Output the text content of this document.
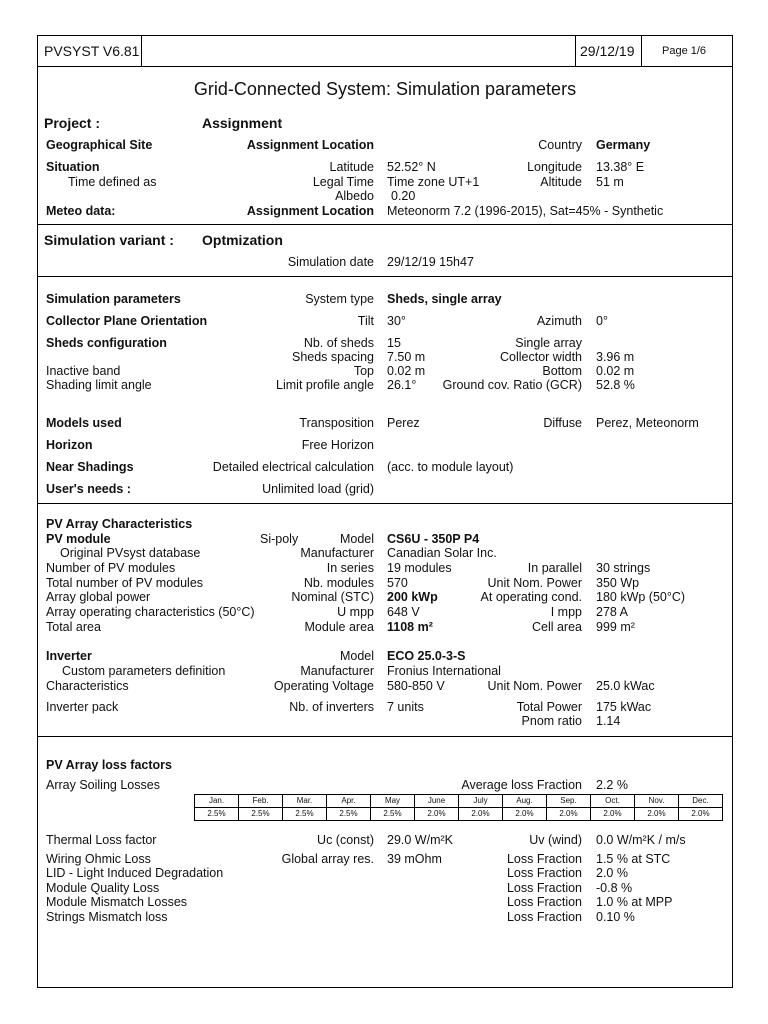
PVSYST V6.81	29/12/19	Page 1/6
Grid-Connected System: Simulation parameters
Project :	Assignment
Geographical Site	Assignment Location	Country Germany
Situation	Latitude 52.52° N	Longitude 13.38° E
Time defined as	Legal Time Time zone UT+1	Altitude 51 m
Albedo 0.20
Meteo data:	Assignment Location Meteonorm 7.2 (1996-2015), Sat=45% - Synthetic
Simulation variant : Optmization
Simulation date 29/12/19 15h47
Simulation parameters	System type Sheds, single array
Collector Plane Orientation	Tilt 30°	Azimuth 0°
Sheds configuration	Nb. of sheds 15	Single array
Sheds spacing 7.50 m	Collector width 3.96 m
Inactive band	Top 0.02 m	Bottom 0.02 m
Shading limit angle	Limit profile angle 26.1°	Ground cov. Ratio (GCR) 52.8 %
Models used	Transposition Perez	Diffuse Perez, Meteonorm
Horizon	Free Horizon
Near Shadings	Detailed electrical calculation (acc. to module layout)
User's needs :	Unlimited load (grid)
PV Array Characteristics
PV module	Si-poly	Model CS6U - 350P P4
Original PVsyst database	Manufacturer Canadian Solar Inc.
Number of PV modules	In series 19 modules	In parallel 30 strings
Total number of PV modules	Nb. modules 570	Unit Nom. Power 350 Wp
Array global power	Nominal (STC) 200 kWp	At operating cond. 180 kWp (50°C)
Array operating characteristics (50°C)	U mpp 648 V	I mpp 278 A
Total area	Module area 1108 m²	Cell area 999 m²
Inverter	Model ECO 25.0-3-S
Custom parameters definition	Manufacturer Fronius International
Characteristics	Operating Voltage 580-850 V	Unit Nom. Power 25.0 kWac
Inverter pack	Nb. of inverters 7 units	Total Power 175 kWac
Pnom ratio 1.14
PV Array loss factors
Array Soiling Losses	Average loss Fraction 2.2 %
Jan.	Feb.	Mar.	Apr.	May	June	July	Aug.	Sep.	Oct.	Nov.	Dec.
2.5%	2.5%	2.5%	2.5%	2.5%	2.0%	2.0%	2.0%	2.0%	2.0%	2.0%	2.0%
Thermal Loss factor	Uc (const) 29.0 W/m²K	Uv (wind) 0.0 W/m²K / m/s
Wiring Ohmic Loss	Global array res. 39 mOhm	Loss Fraction 1.5 % at STC
LID - Light Induced Degradation	Loss Fraction 2.0 %
Module Quality Loss	Loss Fraction -0.8 %
Module Mismatch Losses	Loss Fraction 1.0 % at MPP
Strings Mismatch loss	Loss Fraction 0.10 %
